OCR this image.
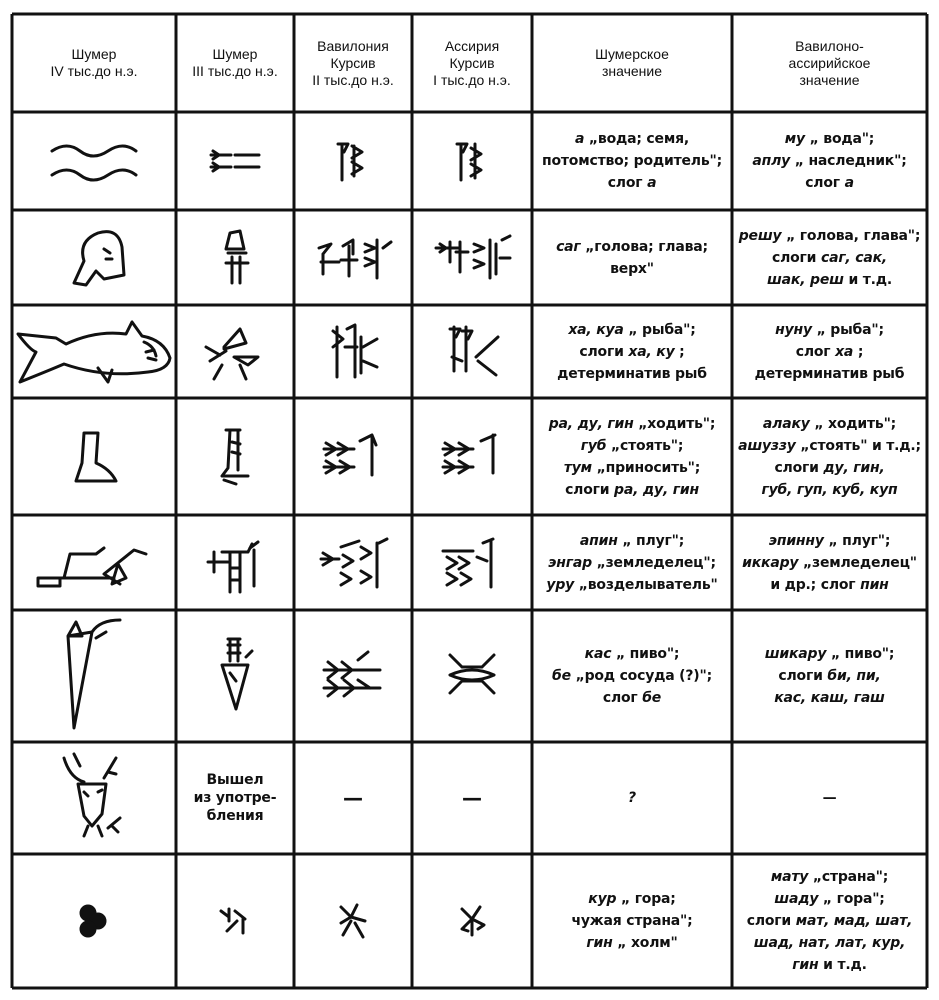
Шумер
IV тыс.до н.э.
Шумер
III тыс.до н.э.
Вавилония
Курсив
II тыс.до н.э.
Ассирия
Курсив
I тыс.до н.э.
Шумерское
значение
Вавилоно-
ассирийское
значение
Вышел
из употре-
бления
—	—
а „вода; семя,
потомство; родитель";
слог а
му „ вода";
аплу „ наследник";
слог а
саг „голова; глава;
верх"
решу „ голова, глава";
слоги саг, сак,
шак, реш и т.д.
ха, куа „ рыба";
слоги ха, ку ;
детерминатив рыб
нуну „ рыба";
слог ха ;
детерминатив рыб
ра, ду, гин „ходить";
губ „стоять";
тум „приносить";
слоги ра, ду, гин
алаку „ ходить";
ашуззу „стоять" и т.д.;
слоги ду, гин,
губ, гуп, куб, куп
апин „ плуг";
энгар „земледелец";
уру „возделыватель"
эпинну „ плуг";
иккару „земледелец"
и др.; слог пин
кас „ пиво";
бе „род сосуда (?)";
слог бе
шикару „ пиво";
слоги би, пи,
кас, каш, гаш
?	—
кур „ гора;
чужая страна";
гин „ холм"
мату „страна";
шаду „ гора";
слоги мат, мад, шат,
шад, нат, лат, кур,
гин и т.д.
